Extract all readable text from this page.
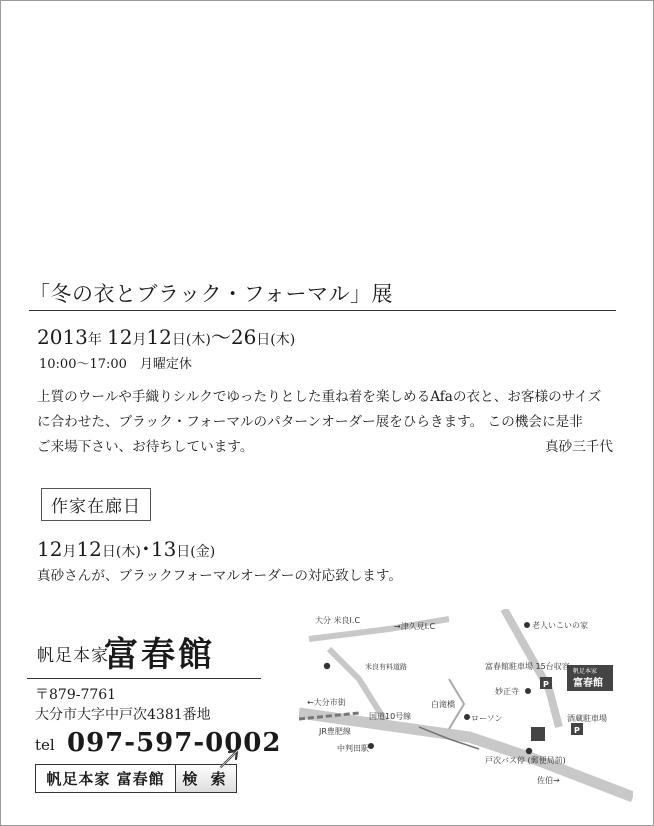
「冬の衣とブラック・フォーマル」展
2013年 12月12日(木)～26日(木)
10:00～17:00　月曜定休

上質のウールや手織りシルクでゆったりとした重ね着を楽しめるAfaの衣と、お客様のサイズ

に合わせた、ブラック・フォーマルのパターンオーダー展をひらきます。 この機会に是非

ご来場下さい、お待ちしています。	真砂三千代
作家在廊日
12月12日(木)･13日(金)
真砂さんが、ブラックフォーマルオーダーの対応致します。
帆足本家
富春館
〒879-7761
大分市大字中戸次4381番地
tel 097-597-0002
帆足本家 富春館	検 索
P
P
帆足本家
富春館
大分 米良I.C
→津久見I.C
米良有料道路
←大分市街
JR豊肥線
中判田駅
国道10号線
白滝橋
ローソン
老人いこいの家
富春館駐車場 15台収容
妙正寺
酒蔵駐車場
戸次バス停 (郵便局前)
佐伯→
